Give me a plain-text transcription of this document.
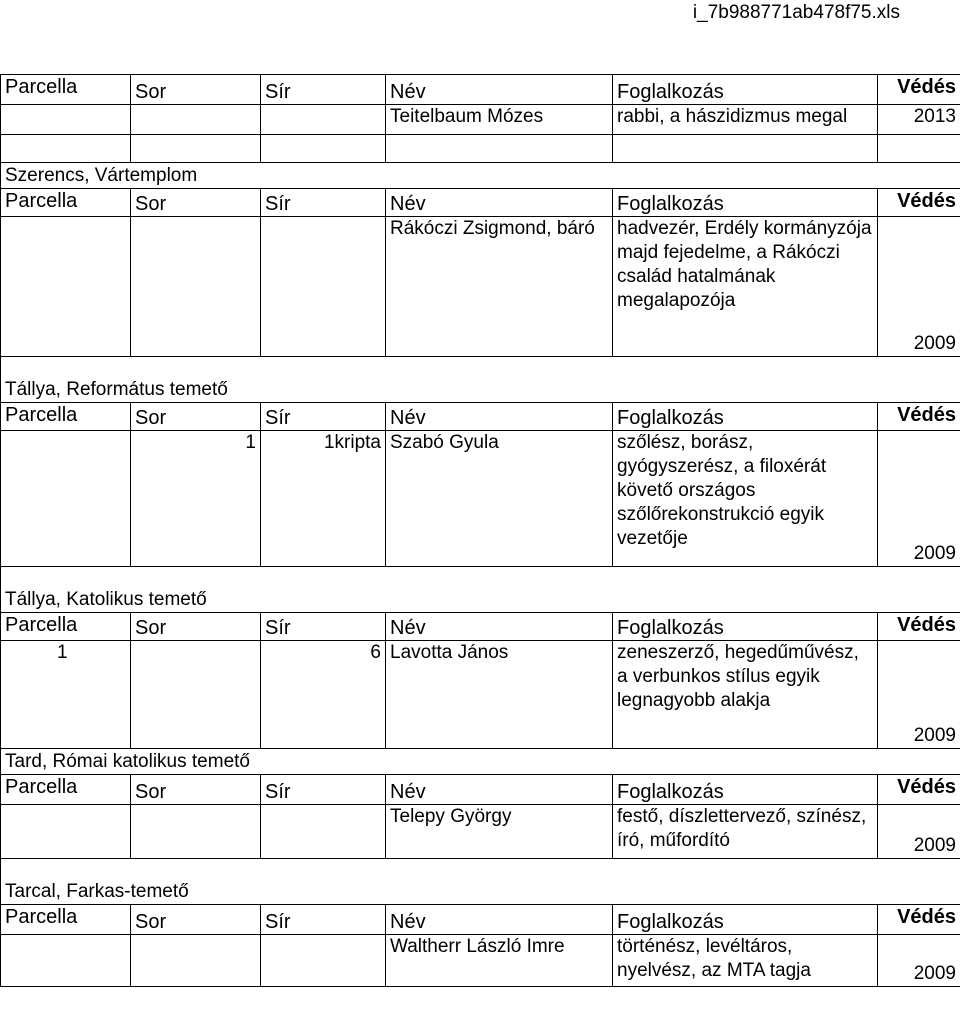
i_7b988771ab478f75.xls
Parcella	Sor	Sír	Név	Foglalkozás	Védés
			Teitelbaum Mózes	rabbi, a hászidizmus megal	2013

Szerencs, Vártemplom					
Parcella	Sor	Sír	Név	Foglalkozás	Védés
			Rákóczi Zsigmond, báró	hadvezér, Erdély kormányzója majd fejedelme, a Rákóczi család hatalmának megalapozója	2009
Tállya, Református temető					
Parcella	Sor	Sír	Név	Foglalkozás	Védés
	1	1kripta	Szabó Gyula	szőlész, borász, gyógyszerész, a filoxérát követő országos szőlőrekonstrukció egyik vezetője	2009
Tállya, Katolikus temető					
Parcella	Sor	Sír	Név	Foglalkozás	Védés
1		6	Lavotta János	zeneszerző, hegedűművész, a verbunkos stílus egyik legnagyobb alakja	2009
Tard, Római katolikus temető					
Parcella	Sor	Sír	Név	Foglalkozás	Védés
			Telepy György	festő, díszlettervező, színész, író, műfordító	2009
Tarcal, Farkas-temető					
Parcella	Sor	Sír	Név	Foglalkozás	Védés
			Waltherr László Imre	történész, levéltáros, nyelvész, az MTA tagja	2009
